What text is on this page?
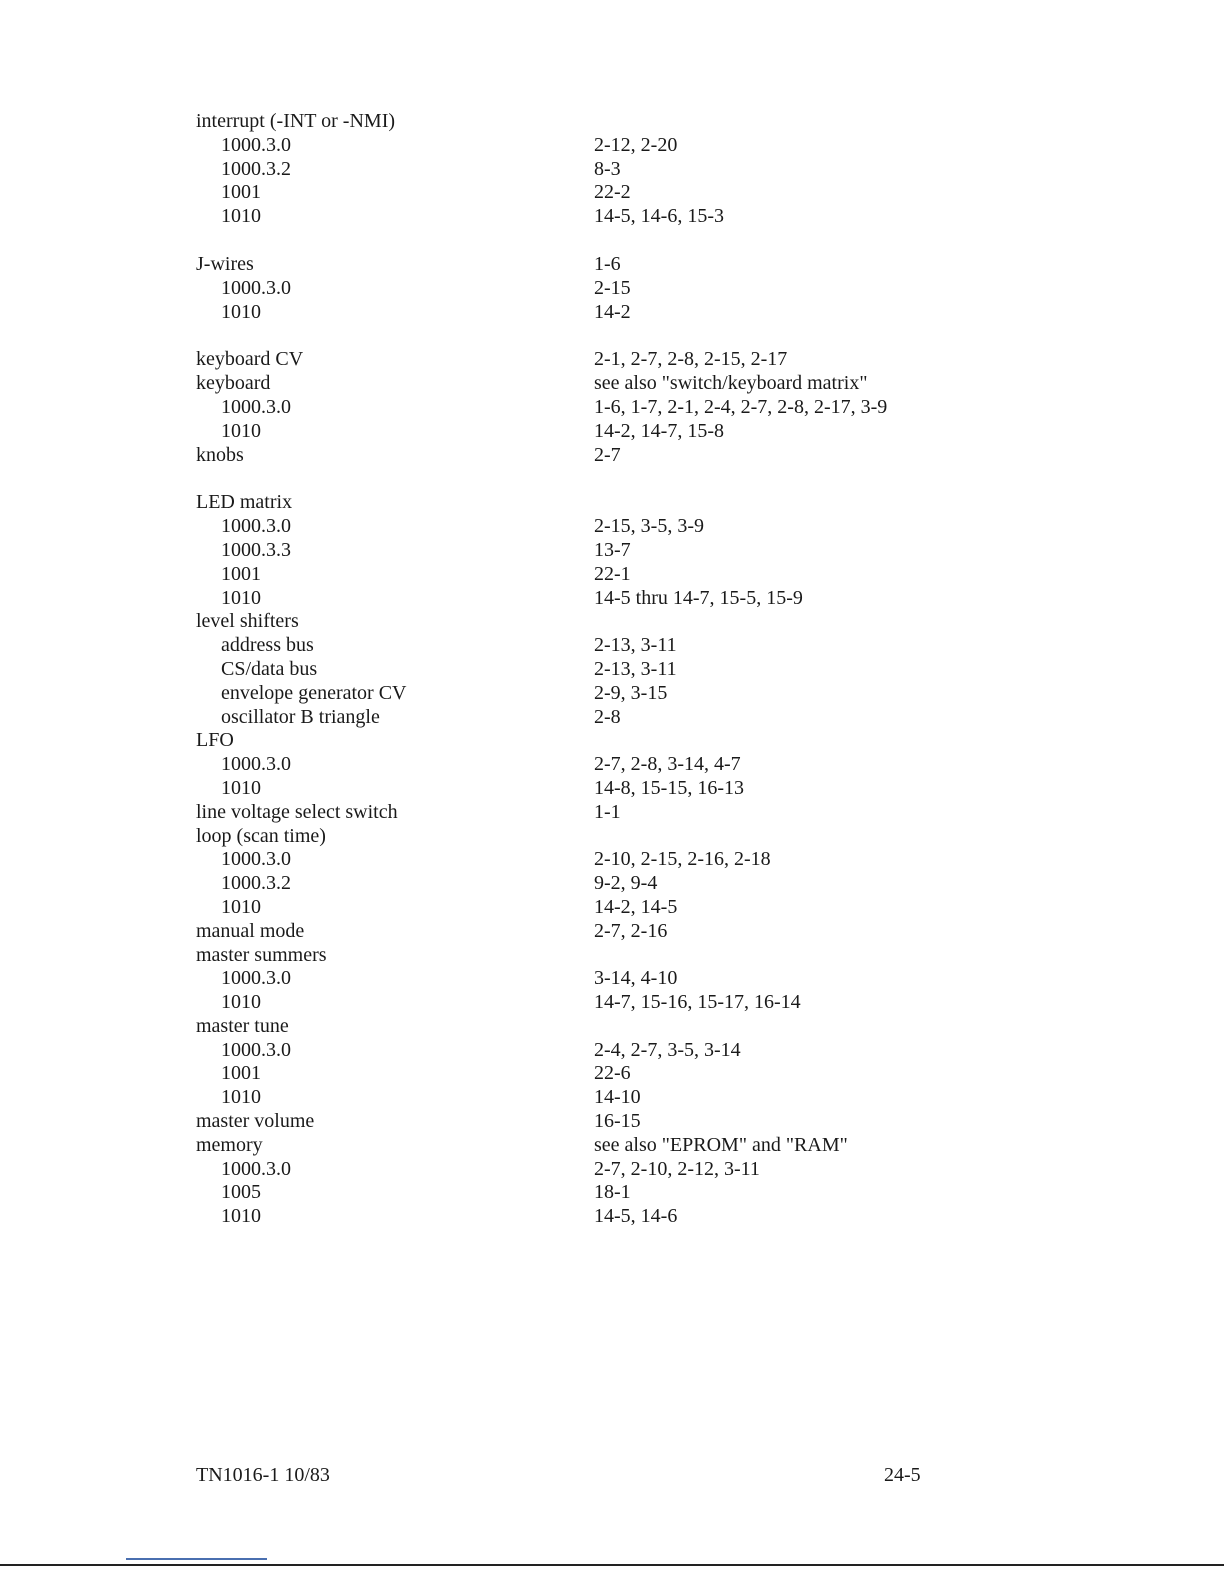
interrupt (-INT or -NMI)
1000.3.0	2-12, 2-20
1000.3.2	8-3
1001	22-2
1010	14-5, 14-6, 15-3
J-wires	1-6
1000.3.0	2-15
1010	14-2
keyboard CV	2-1, 2-7, 2-8, 2-15, 2-17
keyboard	see also "switch/keyboard matrix"
1000.3.0	1-6, 1-7, 2-1, 2-4, 2-7, 2-8, 2-17, 3-9
1010	14-2, 14-7, 15-8
knobs	2-7
LED matrix
1000.3.0	2-15, 3-5, 3-9
1000.3.3	13-7
1001	22-1
1010	14-5 thru 14-7, 15-5, 15-9
level shifters
address bus	2-13, 3-11
CS/data bus	2-13, 3-11
envelope generator CV	2-9, 3-15
oscillator B triangle	2-8
LFO
1000.3.0	2-7, 2-8, 3-14, 4-7
1010	14-8, 15-15, 16-13
line voltage select switch	1-1
loop (scan time)
1000.3.0	2-10, 2-15, 2-16, 2-18
1000.3.2	9-2, 9-4
1010	14-2, 14-5
manual mode	2-7, 2-16
master summers
1000.3.0	3-14, 4-10
1010	14-7, 15-16, 15-17, 16-14
master tune
1000.3.0	2-4, 2-7, 3-5, 3-14
1001	22-6
1010	14-10
master volume	16-15
memory	see also "EPROM" and "RAM"
1000.3.0	2-7, 2-10, 2-12, 3-11
1005	18-1
1010	14-5, 14-6
TN1016-1 10/83	24-5
